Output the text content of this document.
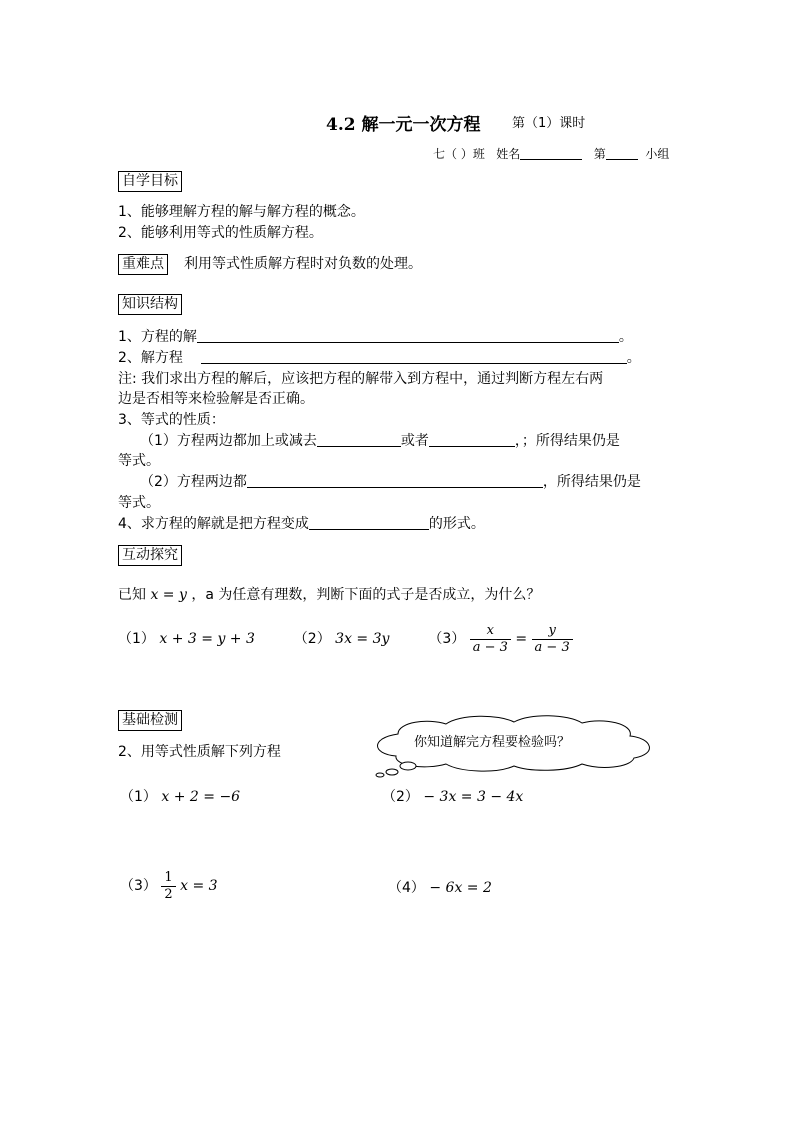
4.2 解一元一次方程 第（1）课时
七（ ）班 姓名	第	小组
自学目标
1、能够理解方程的解与解方程的概念。
2、能够利用等式的性质解方程。
重难点 利用等式性质解方程时对负数的处理。
知识结构
1、方程的解	。
2、解方程	。
注: 我们求出方程的解后，应该把方程的解带入到方程中，通过判断方程左右两
边是否相等来检验解是否正确。
3、等式的性质：
（1）方程两边都加上或减去	或者	，；所得结果仍是
等式。
（2）方程两边都	，所得结果仍是
等式。
4、求方程的解就是把方程变成	的形式。
互动探究
已知 x = y ，a 为任意有理数，判断下面的式子是否成立，为什么？
（1） x + 3 = y + 3	（2） 3x = 3y	$(3) \frac{x}{a - 3} = \frac{y}{a - 3}$
基础检测
你知道解完方程要检验吗？
2、用等式性质解下列方程
（1） x + 2 = −6	（2） − 3x = 3 − 4x
$(3) \frac{1}{2}$ x = 3	（4） − 6x = 2
